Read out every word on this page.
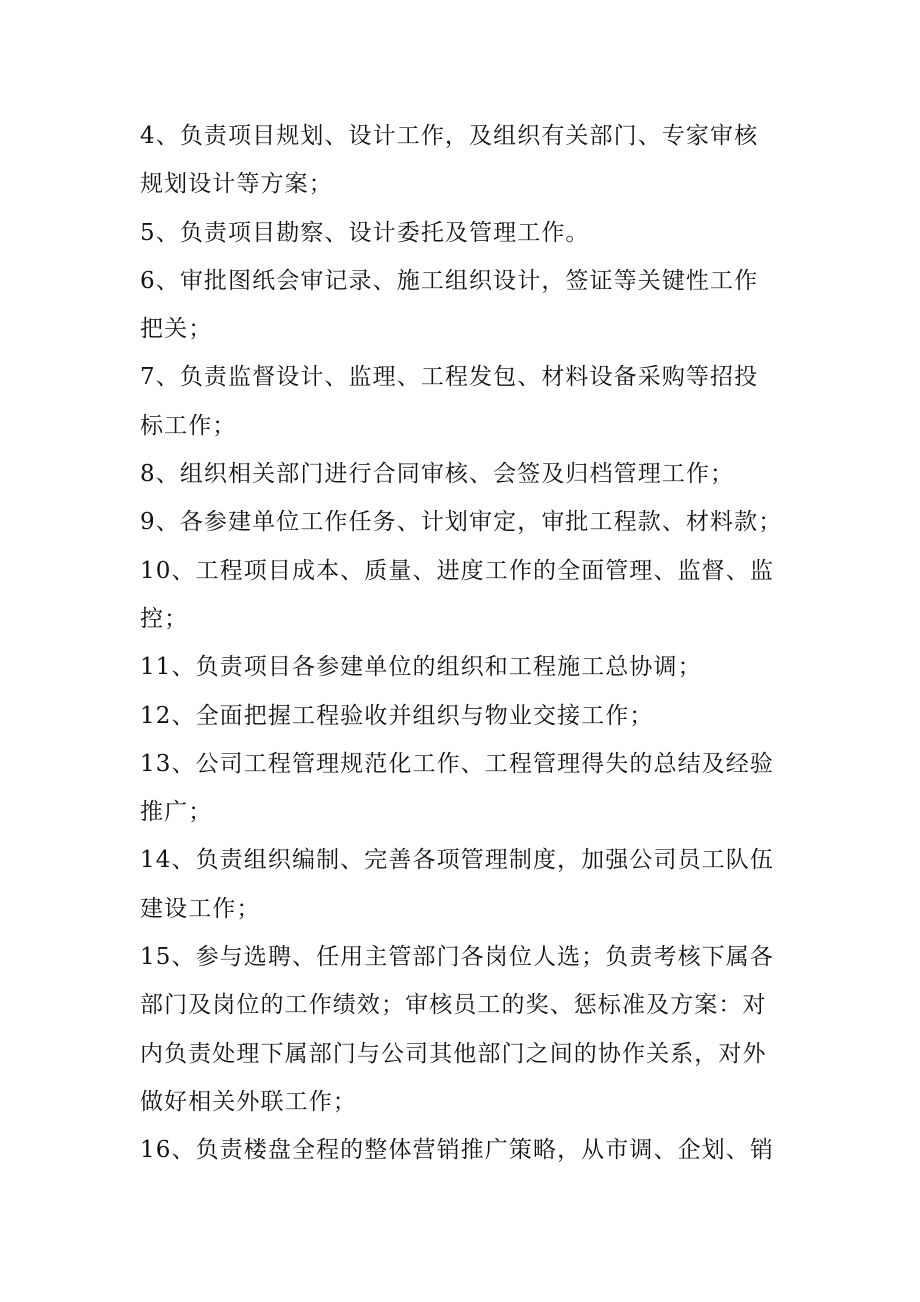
4、负责项目规划、设计工作，及组织有关部门、专家审核
规划设计等方案；
5、负责项目勘察、设计委托及管理工作。
6、审批图纸会审记录、施工组织设计，签证等关键性工作
把关；
7、负责监督设计、监理、工程发包、材料设备采购等招投
标工作；
8、组织相关部门进行合同审核、会签及归档管理工作；
9、各参建单位工作任务、计划审定，审批工程款、材料款；
10、工程项目成本、质量、进度工作的全面管理、监督、监
控；
11、负责项目各参建单位的组织和工程施工总协调；
12、全面把握工程验收并组织与物业交接工作；
13、公司工程管理规范化工作、工程管理得失的总结及经验
推广；
14、负责组织编制、完善各项管理制度，加强公司员工队伍
建设工作；
15、参与选聘、任用主管部门各岗位人选；负责考核下属各
部门及岗位的工作绩效；审核员工的奖、惩标准及方案：对
内负责处理下属部门与公司其他部门之间的协作关系，对外
做好相关外联工作；
16、负责楼盘全程的整体营销推广策略，从市调、企划、销
